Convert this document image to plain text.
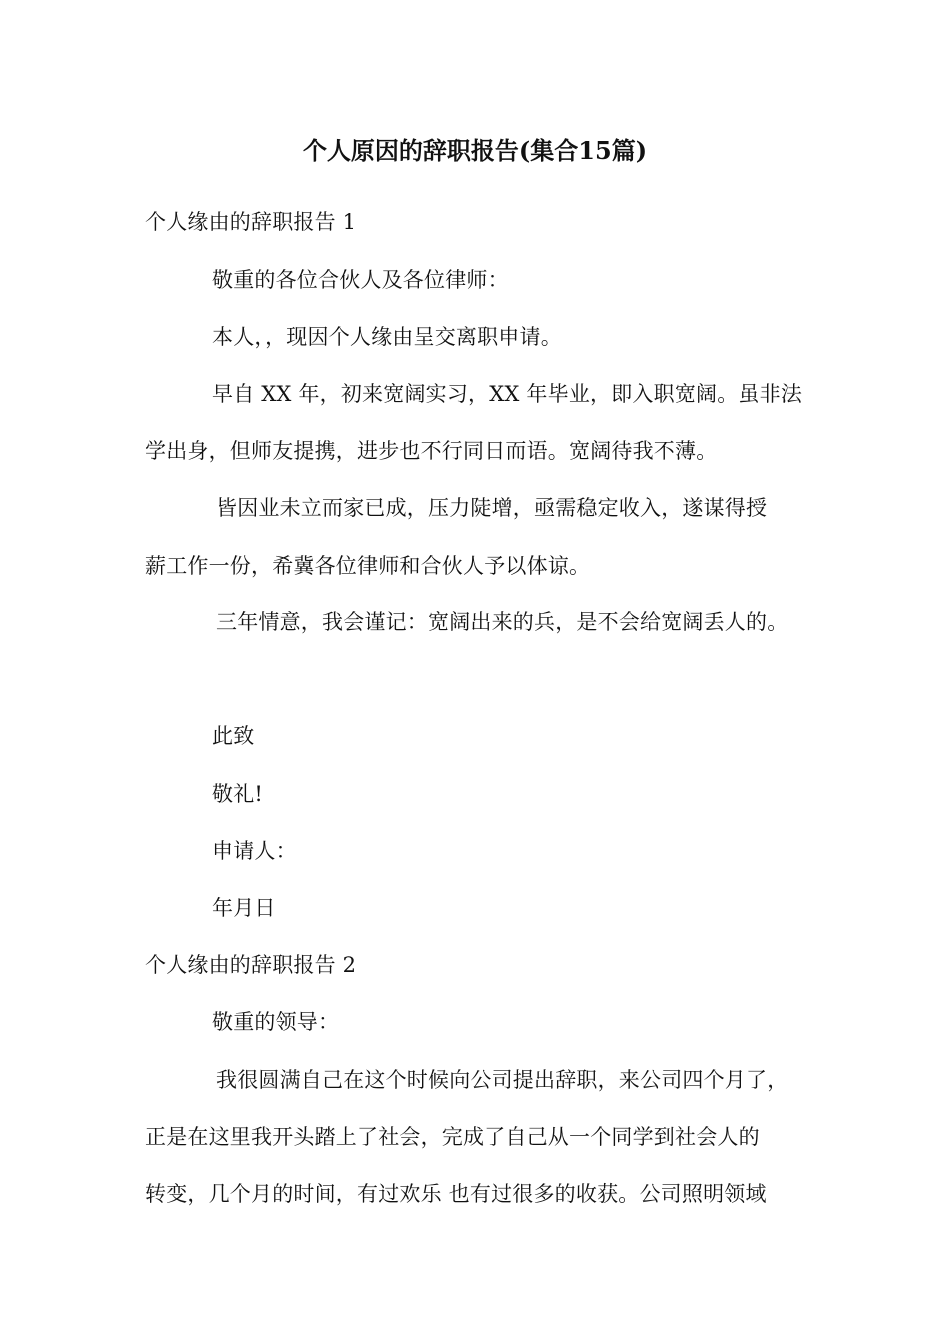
个人原因的辞职报告(集合15篇)
个人缘由的辞职报告 1
敬重的各位合伙人及各位律师：
本人，，现因个人缘由呈交离职申请。
早自 XX 年，初来宽阔实习，XX 年毕业，即入职宽阔。虽非法
学出身，但师友提携，进步也不行同日而语。宽阔待我不薄。
皆因业未立而家已成，压力陡增，亟需稳定收入，遂谋得授
薪工作一份，希冀各位律师和合伙人予以体谅。
三年情意，我会谨记：宽阔出来的兵，是不会给宽阔丢人的。
此致
敬礼!
申请人：
年月日
个人缘由的辞职报告 2
敬重的领导：
我很圆满自己在这个时候向公司提出辞职，来公司四个月了，
正是在这里我开头踏上了社会，完成了自己从一个同学到社会人的
转变，几个月的时间，有过欢乐 也有过很多的收获。公司照明领域
